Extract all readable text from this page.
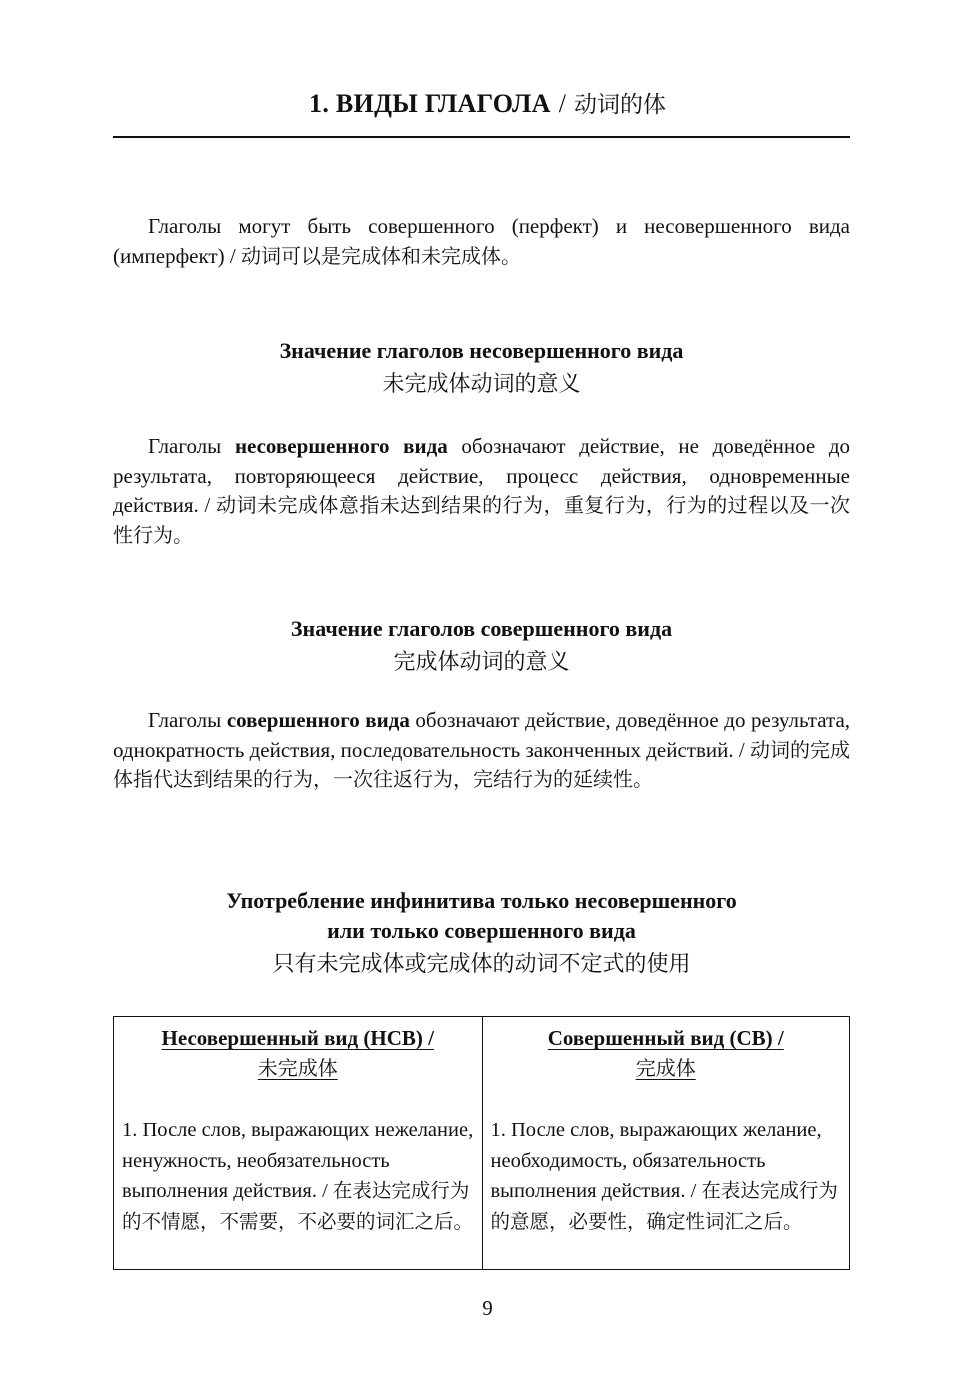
1. ВИДЫ ГЛАГОЛА / 动词的体
Глаголы могут быть совершенного (перфект) и несовершенного вида (имперфект) / 动词可以是完成体和未完成体。
Значение глаголов несовершенного вида
未完成体动词的意义
Глаголы несовершенного вида обозначают действие, не доведённое до результата, повторяющееся действие, процесс действия, одновременные действия. / 动词未完成体意指未达到结果的行为，重复行为，行为的过程以及一次性行为。
Значение глаголов совершенного вида
完成体动词的意义
Глаголы совершенного вида обозначают действие, доведённое до результата, однократность действия, последовательность законченных действий. / 动词的完成体指代达到结果的行为，一次往返行为，完结行为的延续性。
Употребление инфинитива только несовершенного
или только совершенного вида
只有未完成体或完成体的动词不定式的使用
Несовершенный вид (НСВ) /
未完成体
1. После слов, выражающих нежелание, ненужность, необязательность выполнения действия. / 在表达完成行为的不情愿，不需要，不必要的词汇之后。
Совершенный вид (СВ) /
完成体
1. После слов, выражающих желание, необходимость, обязательность выполнения действия. / 在表达完成行为的意愿，必要性，确定性词汇之后。
9
